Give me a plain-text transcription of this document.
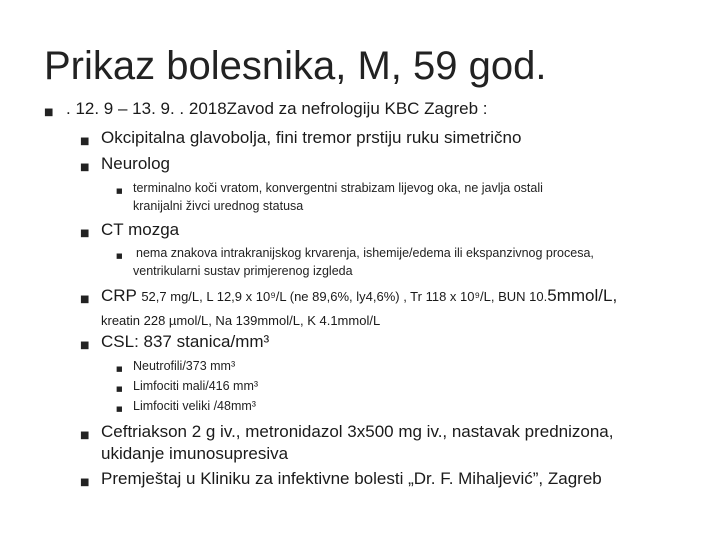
Prikaz bolesnika, M, 59 god.
■ . 12. 9 – 13. 9. . 2018Zavod za nefrologiju KBC Zagreb :
■ Okcipitalna glavobolja, fini tremor prstiju ruku simetrično
■ Neurolog
■ terminalno koči vratom, konvergentni strabizam lijevog oka, ne javlja ostali
kranijalni živci urednog statusa
■ CT mozga
■ nema znakova intrakranijskog krvarenja, ishemije/edema ili ekspanzivnog procesa,
ventrikularni sustav primjerenog izgleda
■ CRP 52,7 mg/L, L 12,9 x 10⁹/L (ne 89,6%, ly4,6%) , Tr 118 x 10⁹/L, BUN 10.5mmol/L,
kreatin 228 µmol/L, Na 139mmol/L, K 4.1mmol/L
■ CSL: 837 stanica/mm³
■ Neutrofili/373 mm³
■ Limfociti mali/416 mm³
■ Limfociti veliki /48mm³
■ Ceftriakson 2 g iv., metronidazol 3x500 mg iv., nastavak prednizona,
ukidanje imunosupresiva
■ Premještaj u Kliniku za infektivne bolesti „Dr. F. Mihaljević”, Zagreb
